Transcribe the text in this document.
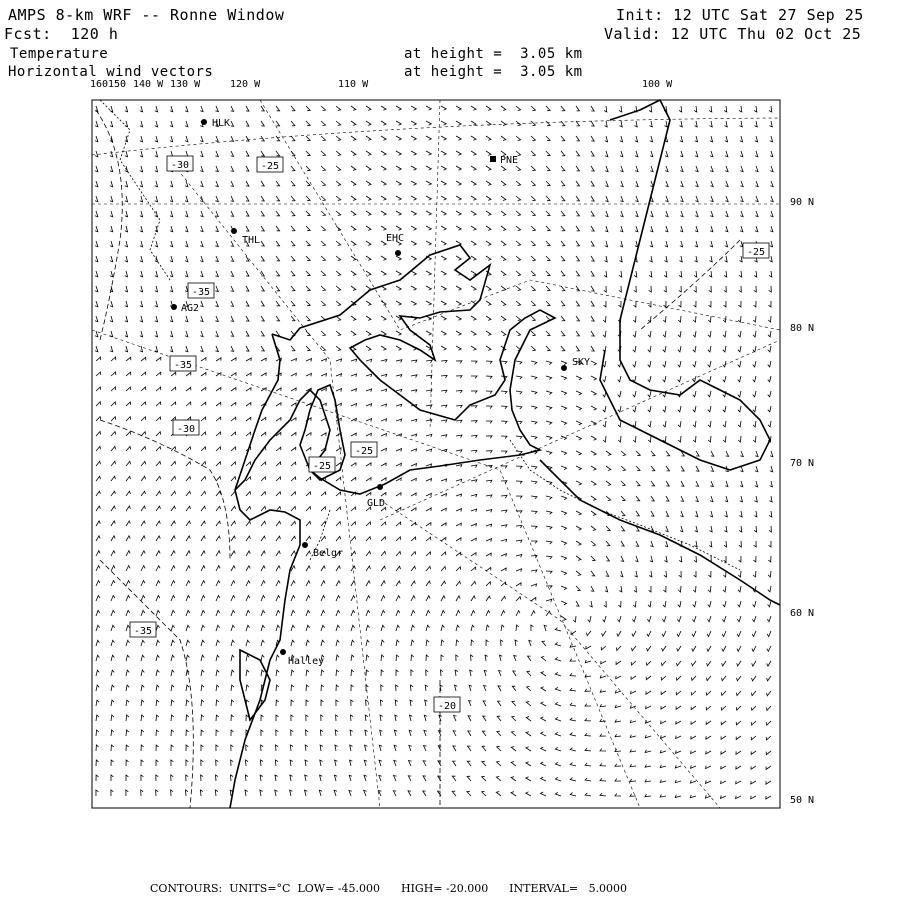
AMPS 8-km WRF -- Ronne Window
Fcst:  120 h
Init: 12 UTC Sat 27 Sep 25
Valid: 12 UTC Thu 02 Oct 25
Temperature	at height =  3.05 km
Horizontal wind vectors	at height =  3.05 km
160 150 140 W 130 W	120 W	110 W	100 W
90 N
80 N
70 N
60 N
50 N
HLK
PNE
THL	EHC
AG2
SKY
GLD
Belgr
Halley
-30	-25
-35
-35
-30
-25
-25
-25
-35
-20
CONTOURS:  UNITS=°C  LOW= -45.000      HIGH= -20.000      INTERVAL=   5.0000
